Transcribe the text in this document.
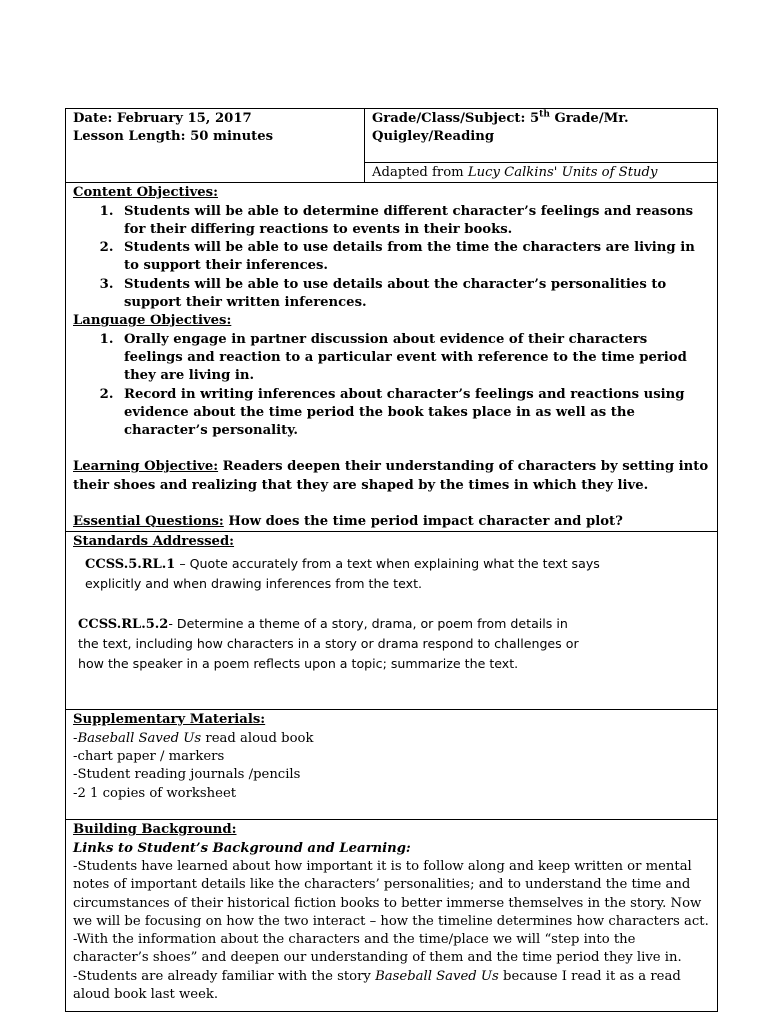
Date: February 15, 2017
Lesson Length: 50 minutes

Grade/Class/Subject: 5th Grade/Mr. Quigley/Reading
Adapted from Lucy Calkins' Units of Study

Content Objectives:
1. Students will be able to determine different character’s feelings and reasons for their differing reactions to events in their books.
2. Students will be able to use details from the time the characters are living in to support their inferences.
3. Students will be able to use details about the character’s personalities to support their written inferences.
Language Objectives:
1. Orally engage in partner discussion about evidence of their characters feelings and reaction to a particular event with reference to the time period they are living in.
2. Record in writing inferences about character’s feelings and reactions using evidence about the time period the book takes place in as well as the character’s personality.

Learning Objective: Readers deepen their understanding of characters by setting into their shoes and realizing that they are shaped by the times in which they live.

Essential Questions: How does the time period impact character and plot?

Standards Addressed:

CCSS.5.RL.1 – Quote accurately from a text when explaining what the text says explicitly and when drawing inferences from the text.

CCSS.RL.5.2- Determine a theme of a story, drama, or poem from details in the text, including how characters in a story or drama respond to challenges or how the speaker in a poem reflects upon a topic; summarize the text.

Supplementary Materials:
-Baseball Saved Us read aloud book
-chart paper / markers
-Student reading journals /pencils
-2 1 copies of worksheet

Building Background:
Links to Student’s Background and Learning:

-Students have learned about how important it is to follow along and keep written or mental notes of important details like the characters’ personalities; and to understand the time and circumstances of their historical fiction books to better immerse themselves in the story. Now we will be focusing on how the two interact – how the timeline determines how characters act.

-With the information about the characters and the time/place we will “step into the character’s shoes” and deepen our understanding of them and the time period they live in.

-Students are already familiar with the story Baseball Saved Us because I read it as a read aloud book last week.
